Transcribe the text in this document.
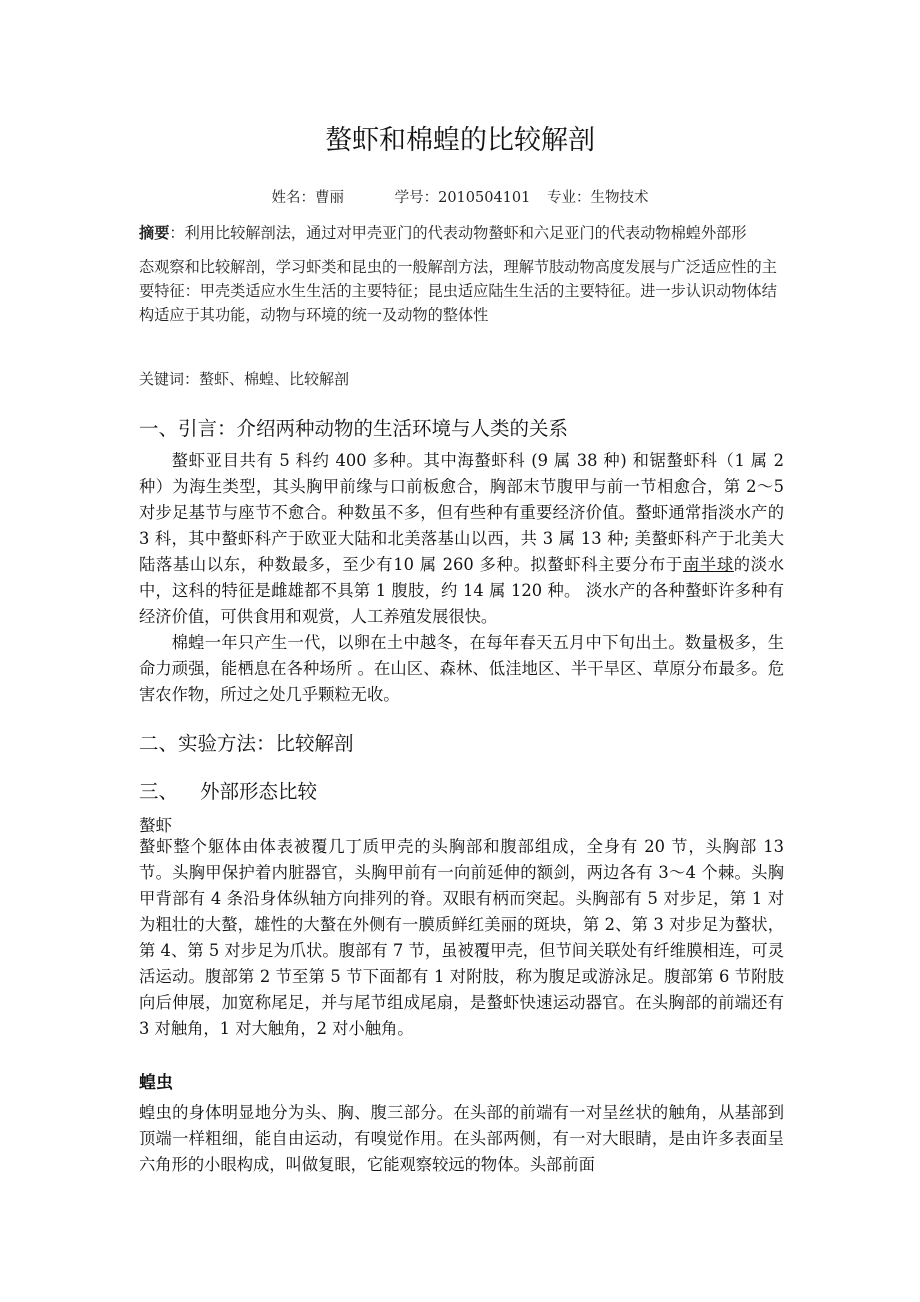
螯虾和棉蝗的比较解剖
姓名：曹丽	学号：2010504101 专业：生物技术
摘要：利用比较解剖法，通过对甲壳亚门的代表动物螯虾和六足亚门的代表动物棉蝗外部形
态观察和比较解剖，学习虾类和昆虫的一般解剖方法，理解节肢动物高度发展与广泛适应性的主要特征：甲壳类适应水生生活的主要特征；昆虫适应陆生生活的主要特征。进一步认识动物体结构适应于其功能，动物与环境的统一及动物的整体性
关键词：螯虾、棉蝗、比较解剖
一、引言：介绍两种动物的生活环境与人类的关系

螯虾亚目共有 5 科约 400 多种。其中海螯虾科 (9 属 38 种) 和锯螯虾科（1 属 2 种）为海生类型，其头胸甲前缘与口前板愈合，胸部末节腹甲与前一节相愈合，第 2～5 对步足基节与座节不愈合。种数虽不多，但有些种有重要经济价值。螯虾通常指淡水产的 3 科，其中螯虾科产于欧亚大陆和北美落基山以西，共 3 属 13 种; 美螯虾科产于北美大陆落基山以东，种数最多，至少有10 属 260 多种。拟螯虾科主要分布于南半球的淡水中，这科的特征是雌雄都不具第 1 腹肢，约 14 属 120 种。 淡水产的各种螯虾许多种有经济价值，可供食用和观赏，人工养殖发展很快。

棉蝗一年只产生一代，以卵在土中越冬，在每年春天五月中下旬出土。数量极多，生命力顽强，能栖息在各种场所 。在山区、森林、低洼地区、半干旱区、草原分布最多。危害农作物，所过之处几乎颗粒无收。

二、实验方法：比较解剖
三、 外部形态比较
螯虾
螯虾整个躯体由体表被覆几丁质甲壳的头胸部和腹部组成，全身有 20 节，头胸部 13 节。头胸甲保护着内脏器官，头胸甲前有一向前延伸的额剑，两边各有 3～4 个棘。头胸甲背部有 4 条沿身体纵轴方向排列的脊。双眼有柄而突起。头胸部有 5 对步足，第 1 对为粗壮的大螯，雄性的大螯在外侧有一膜质鲜红美丽的斑块，第 2、第 3 对步足为螯状，第 4、第 5 对步足为爪状。腹部有 7 节，虽被覆甲壳，但节间关联处有纤维膜相连，可灵活运动。腹部第 2 节至第 5 节下面都有 1 对附肢，称为腹足或游泳足。腹部第 6 节附肢向后伸展，加宽称尾足，并与尾节组成尾扇，是螯虾快速运动器官。在头胸部的前端还有 3 对触角，1 对大触角，2 对小触角。
蝗虫
蝗虫的身体明显地分为头、胸、腹三部分。在头部的前端有一对呈丝状的触角，从基部到顶端一样粗细，能自由运动，有嗅觉作用。在头部两侧，有一对大眼睛，是由许多表面呈六角形的小眼构成，叫做复眼，它能观察较远的物体。头部前面
